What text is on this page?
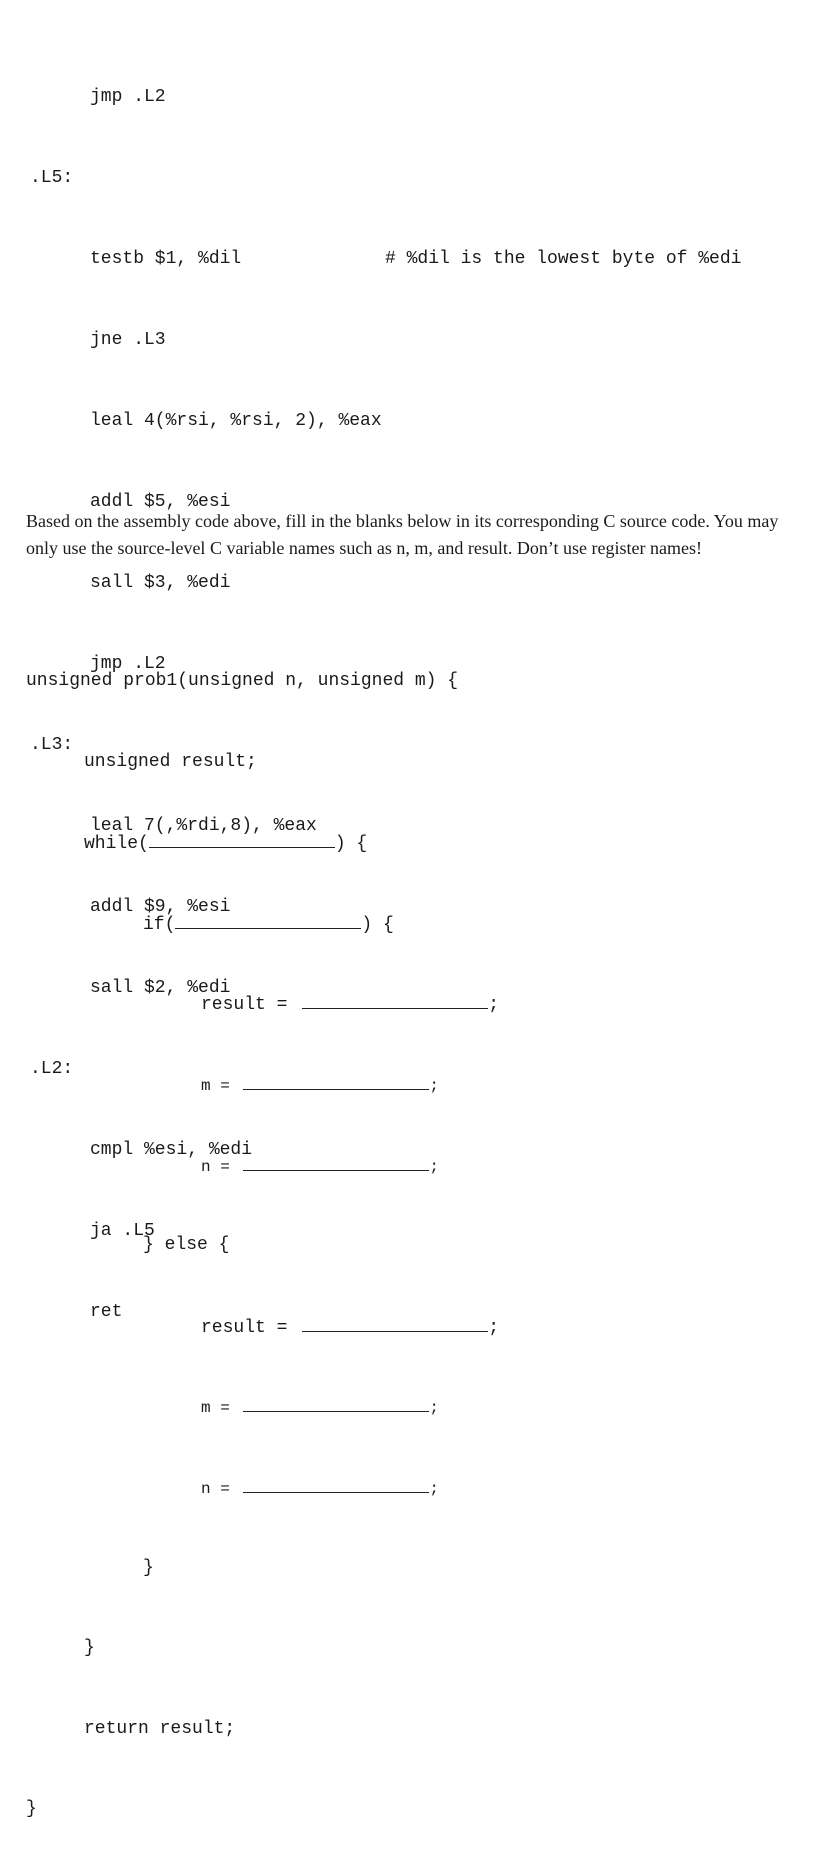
jmp .L2

.L5:

testb $1, %dil	# %dil is the lowest byte of %edi

jne .L3

leal 4(%rsi, %rsi, 2), %eax

addl $5, %esi

sall $3, %edi

jmp .L2

.L3:

leal 7(,%rdi,8), %eax

addl $9, %esi

sall $2, %edi

.L2:

cmpl %esi, %edi

ja .L5

ret

Based on the assembly code above, fill in the blanks below in its corresponding C source code. You may only use the source-level C variable names such as n, m, and result. Don’t use register names!

unsigned prob1(unsigned n, unsigned m) {

unsigned result;

while(	) {

if(	) {

result =	;

m =	;

n =	;

} else {

result =	;

m =	;

n =	;

}

}

return result;

}
